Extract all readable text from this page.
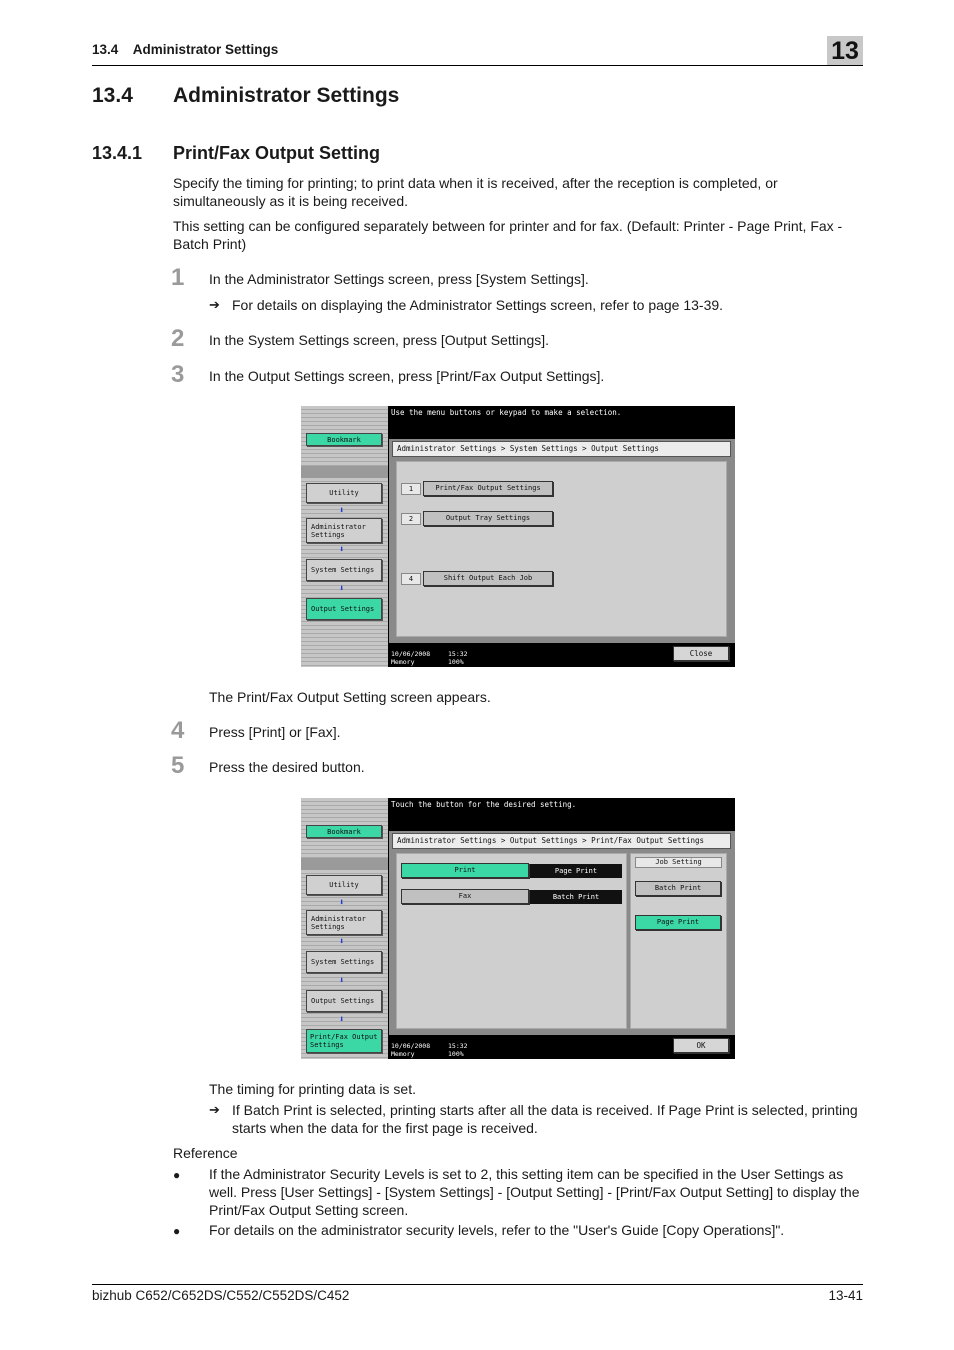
13.4    Administrator Settings	13
13.4 Administrator Settings
13.4.1 Print/Fax Output Setting
Specify the timing for printing; to print data when it is received, after the reception is completed, or simultaneously as it is being received.
This setting can be configured separately between for printer and for fax. (Default: Printer - Page Print, Fax - Batch Print)
1 In the Administrator Settings screen, press [System Settings].
➔ For details on displaying the Administrator Settings screen, refer to page 13-39.
2 In the System Settings screen, press [Output Settings].
3 In the Output Settings screen, press [Print/Fax Output Settings].
Bookmark
Utility
⬇
Administrator
Settings
⬇
System Settings
⬇
Output Settings
Use the menu buttons or keypad to make a selection.
Administrator Settings > System Settings > Output Settings
1	Print/Fax Output Settings
2	Output Tray Settings
4	Shift Output Each Job
10/06/2008	15:32
Memory	100%
Close
The Print/Fax Output Setting screen appears.
4 Press [Print] or [Fax].
5 Press the desired button.
Bookmark
Utility
⬇
Administrator
Settings
⬇
System Settings
⬇
Output Settings
⬇
Print/Fax Output
Settings
Touch the button for the desired setting.
Administrator Settings > Output Settings > Print/Fax Output Settings
Print	Page Print
Fax	Batch Print
Job Setting
Batch Print
Page Print
10/06/2008	15:32
Memory	100%
OK
The timing for printing data is set.
➔ If Batch Print is selected, printing starts after all the data is received. If Page Print is selected, printing starts when the data for the first page is received.
Reference
● If the Administrator Security Levels is set to 2, this setting item can be specified in the User Settings as well. Press [User Settings] - [System Settings] - [Output Setting] - [Print/Fax Output Setting] to display the Print/Fax Output Setting screen.
● For details on the administrator security levels, refer to the "User's Guide [Copy Operations]".
bizhub C652/C652DS/C552/C552DS/C452	13-41
